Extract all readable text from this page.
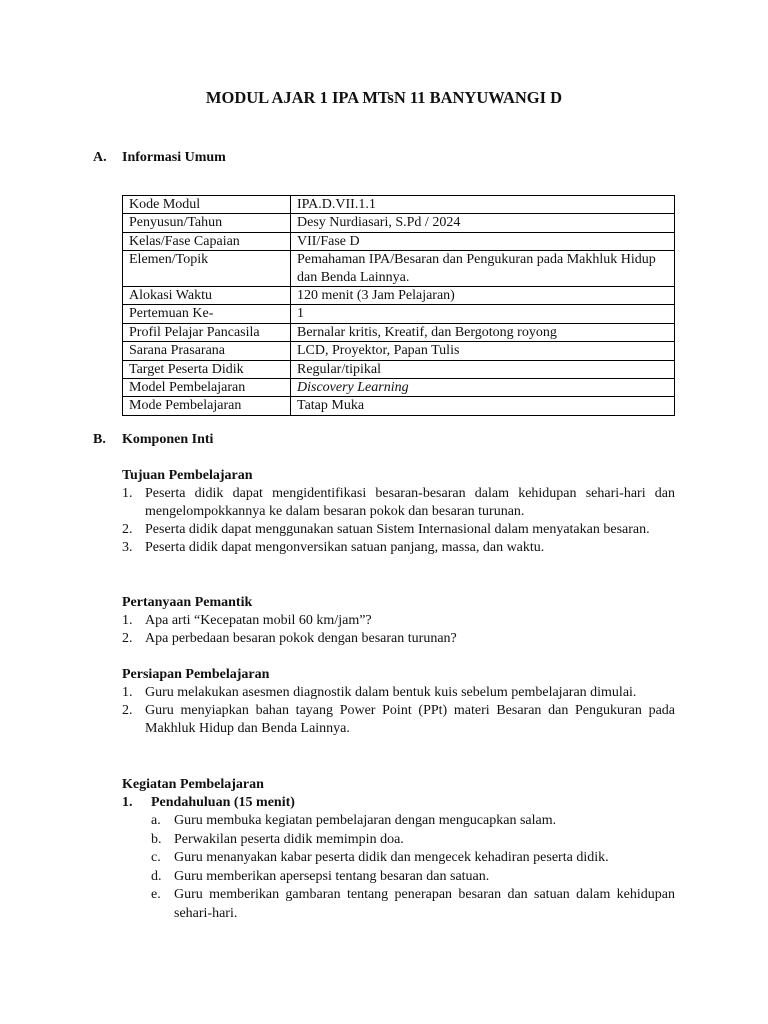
MODUL AJAR 1 IPA MTsN 11 BANYUWANGI D
A. Informasi Umum
Kode Modul	IPA.D.VII.1.1
Penyusun/Tahun	Desy Nurdiasari, S.Pd / 2024
Kelas/Fase Capaian	VII/Fase D
Elemen/Topik	Pemahaman IPA/Besaran dan Pengukuran pada Makhluk Hidup dan Benda Lainnya.
Alokasi Waktu	120 menit (3 Jam Pelajaran)
Pertemuan Ke-	1
Profil Pelajar Pancasila	Bernalar kritis, Kreatif, dan Bergotong royong
Sarana Prasarana	LCD, Proyektor, Papan Tulis
Target Peserta Didik	Regular/tipikal
Model Pembelajaran	Discovery Learning
Mode Pembelajaran	Tatap Muka
B. Komponen Inti
Tujuan Pembelajaran
1. Peserta didik dapat mengidentifikasi besaran-besaran dalam kehidupan sehari-hari dan mengelompokkannya ke dalam besaran pokok dan besaran turunan.
2. Peserta didik dapat menggunakan satuan Sistem Internasional dalam menyatakan besaran.
3. Peserta didik dapat mengonversikan satuan panjang, massa, dan waktu.
Pertanyaan Pemantik
1. Apa arti “Kecepatan mobil 60 km/jam”?
2. Apa perbedaan besaran pokok dengan besaran turunan?
Persiapan Pembelajaran
1. Guru melakukan asesmen diagnostik dalam bentuk kuis sebelum pembelajaran dimulai.
2. Guru menyiapkan bahan tayang Power Point (PPt) materi Besaran dan Pengukuran pada Makhluk Hidup dan Benda Lainnya.
Kegiatan Pembelajaran
1. Pendahuluan (15 menit)
a. Guru membuka kegiatan pembelajaran dengan mengucapkan salam.
b. Perwakilan peserta didik memimpin doa.
c. Guru menanyakan kabar peserta didik dan mengecek kehadiran peserta didik.
d. Guru memberikan apersepsi tentang besaran dan satuan.
e. Guru memberikan gambaran tentang penerapan besaran dan satuan dalam kehidupan sehari-hari.
